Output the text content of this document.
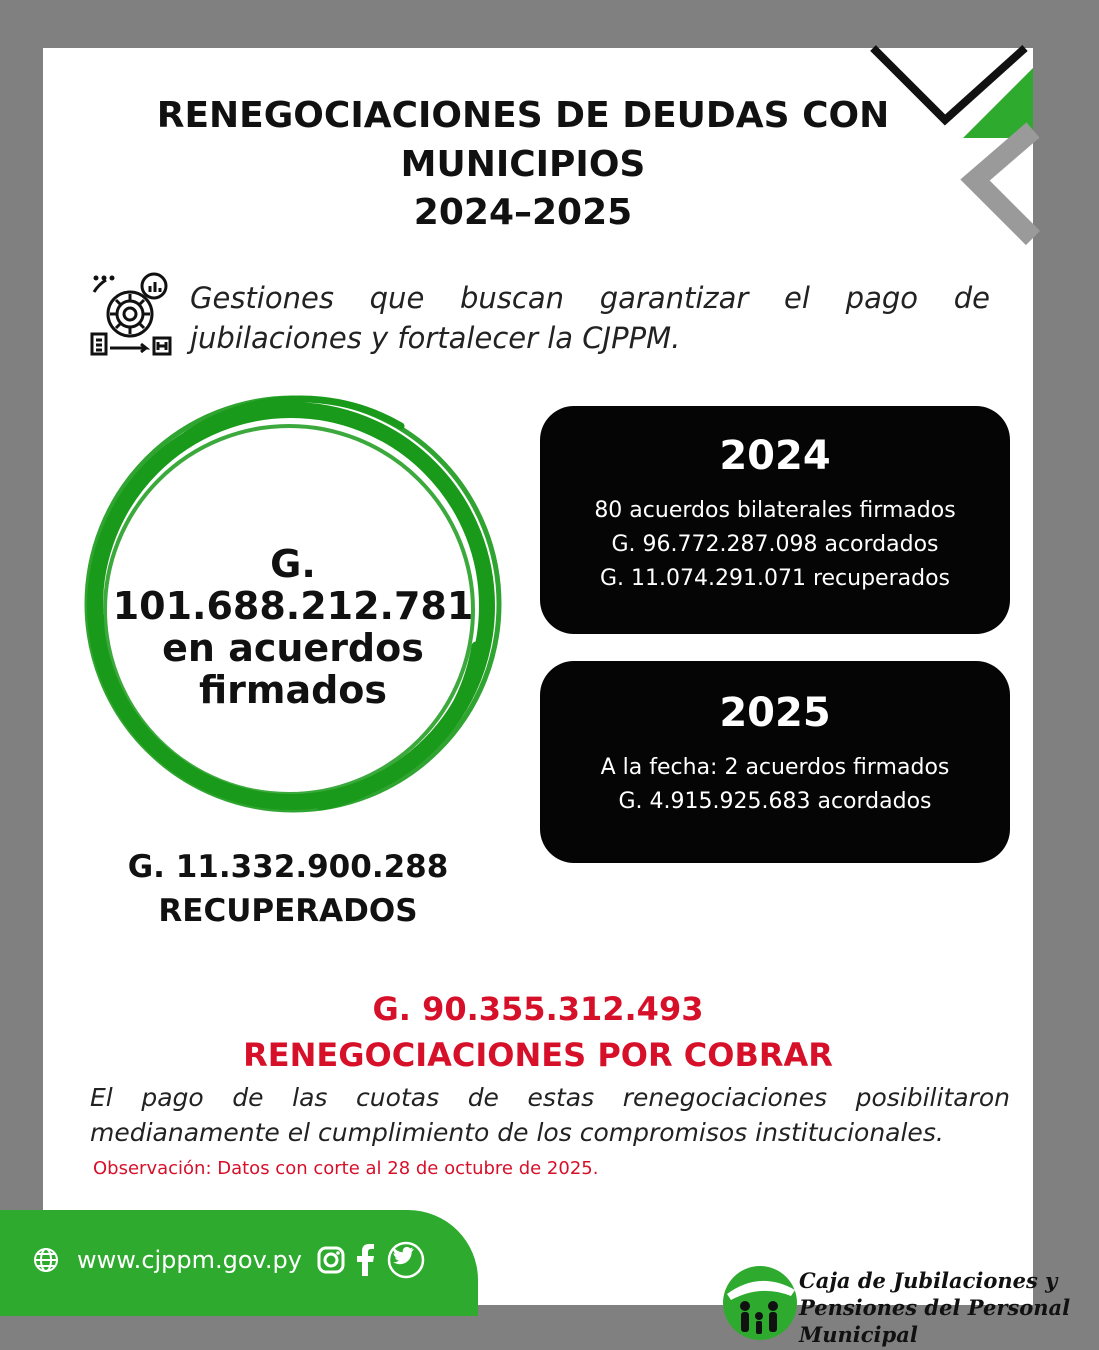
RENEGOCIACIONES DE DEUDAS CON
MUNICIPIOS
2024–2025
Gestiones que buscan garantizar el pago de jubilaciones y fortalecer la CJPPM.
G. 101.688.212.781
en acuerdos
firmados
G. 11.332.900.288
RECUPERADOS
2024
80 acuerdos bilaterales firmados
G. 96.772.287.098 acordados
G. 11.074.291.071 recuperados
2025
A la fecha: 2 acuerdos firmados
G. 4.915.925.683 acordados
G. 90.355.312.493
RENEGOCIACIONES POR COBRAR
El pago de las cuotas de estas renegociaciones posibilitaron medianamente el cumplimiento de los compromisos institucionales.
Observación: Datos con corte al 28 de octubre de 2025.
Caja de Jubilaciones y
Pensiones del Personal
Municipal
www.cjppm.gov.py
